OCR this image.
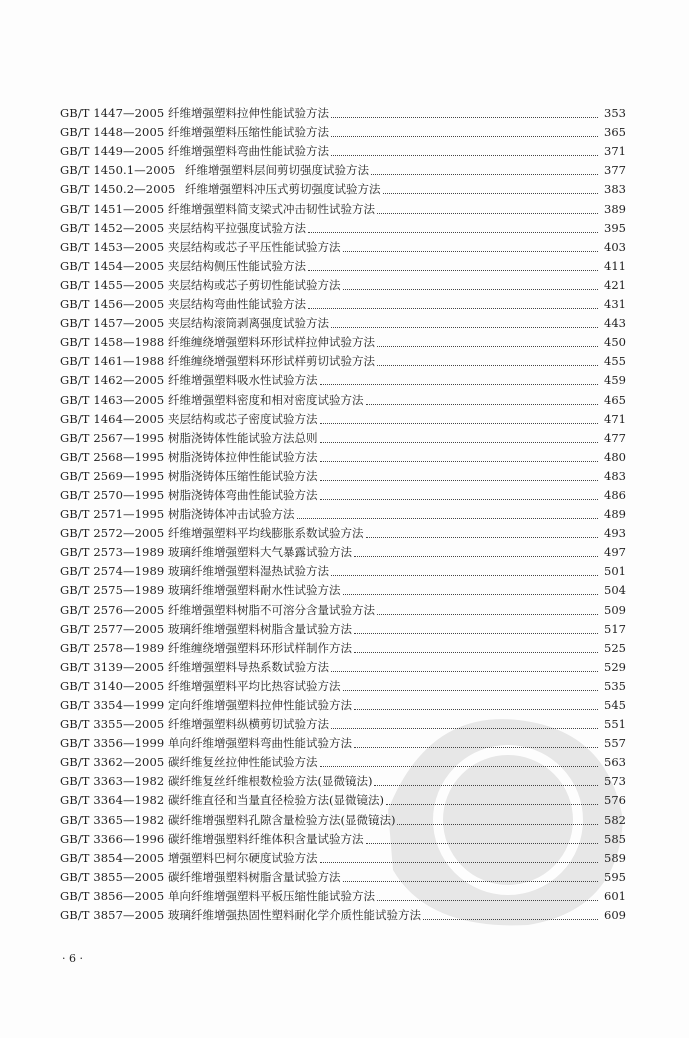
GB/T 1447—2005 纤维增强塑料拉伸性能试验方法	353
GB/T 1448—2005 纤维增强塑料压缩性能试验方法	365
GB/T 1449—2005 纤维增强塑料弯曲性能试验方法	371
GB/T 1450.1—2005 纤维增强塑料层间剪切强度试验方法	377
GB/T 1450.2—2005 纤维增强塑料冲压式剪切强度试验方法	383
GB/T 1451—2005 纤维增强塑料简支梁式冲击韧性试验方法	389
GB/T 1452—2005 夹层结构平拉强度试验方法	395
GB/T 1453—2005 夹层结构或芯子平压性能试验方法	403
GB/T 1454—2005 夹层结构侧压性能试验方法	411
GB/T 1455—2005 夹层结构或芯子剪切性能试验方法	421
GB/T 1456—2005 夹层结构弯曲性能试验方法	431
GB/T 1457—2005 夹层结构滚筒剥离强度试验方法	443
GB/T 1458—1988 纤维缠绕增强塑料环形试样拉伸试验方法	450
GB/T 1461—1988 纤维缠绕增强塑料环形试样剪切试验方法	455
GB/T 1462—2005 纤维增强塑料吸水性试验方法	459
GB/T 1463—2005 纤维增强塑料密度和相对密度试验方法	465
GB/T 1464—2005 夹层结构或芯子密度试验方法	471
GB/T 2567—1995 树脂浇铸体性能试验方法总则	477
GB/T 2568—1995 树脂浇铸体拉伸性能试验方法	480
GB/T 2569—1995 树脂浇铸体压缩性能试验方法	483
GB/T 2570—1995 树脂浇铸体弯曲性能试验方法	486
GB/T 2571—1995 树脂浇铸体冲击试验方法	489
GB/T 2572—2005 纤维增强塑料平均线膨胀系数试验方法	493
GB/T 2573—1989 玻璃纤维增强塑料大气暴露试验方法	497
GB/T 2574—1989 玻璃纤维增强塑料湿热试验方法	501
GB/T 2575—1989 玻璃纤维增强塑料耐水性试验方法	504
GB/T 2576—2005 纤维增强塑料树脂不可溶分含量试验方法	509
GB/T 2577—2005 玻璃纤维增强塑料树脂含量试验方法	517
GB/T 2578—1989 纤维缠绕增强塑料环形试样制作方法	525
GB/T 3139—2005 纤维增强塑料导热系数试验方法	529
GB/T 3140—2005 纤维增强塑料平均比热容试验方法	535
GB/T 3354—1999 定向纤维增强塑料拉伸性能试验方法	545
GB/T 3355—2005 纤维增强塑料纵横剪切试验方法	551
GB/T 3356—1999 单向纤维增强塑料弯曲性能试验方法	557
GB/T 3362—2005 碳纤维复丝拉伸性能试验方法	563
GB/T 3363—1982 碳纤维复丝纤维根数检验方法(显微镜法)	573
GB/T 3364—1982 碳纤维直径和当量直径检验方法(显微镜法)	576
GB/T 3365—1982 碳纤维增强塑料孔隙含量检验方法(显微镜法)	582
GB/T 3366—1996 碳纤维增强塑料纤维体积含量试验方法	585
GB/T 3854—2005 增强塑料巴柯尔硬度试验方法	589
GB/T 3855—2005 碳纤维增强塑料树脂含量试验方法	595
GB/T 3856—2005 单向纤维增强塑料平板压缩性能试验方法	601
GB/T 3857—2005 玻璃纤维增强热固性塑料耐化学介质性能试验方法	609
· 6 ·
